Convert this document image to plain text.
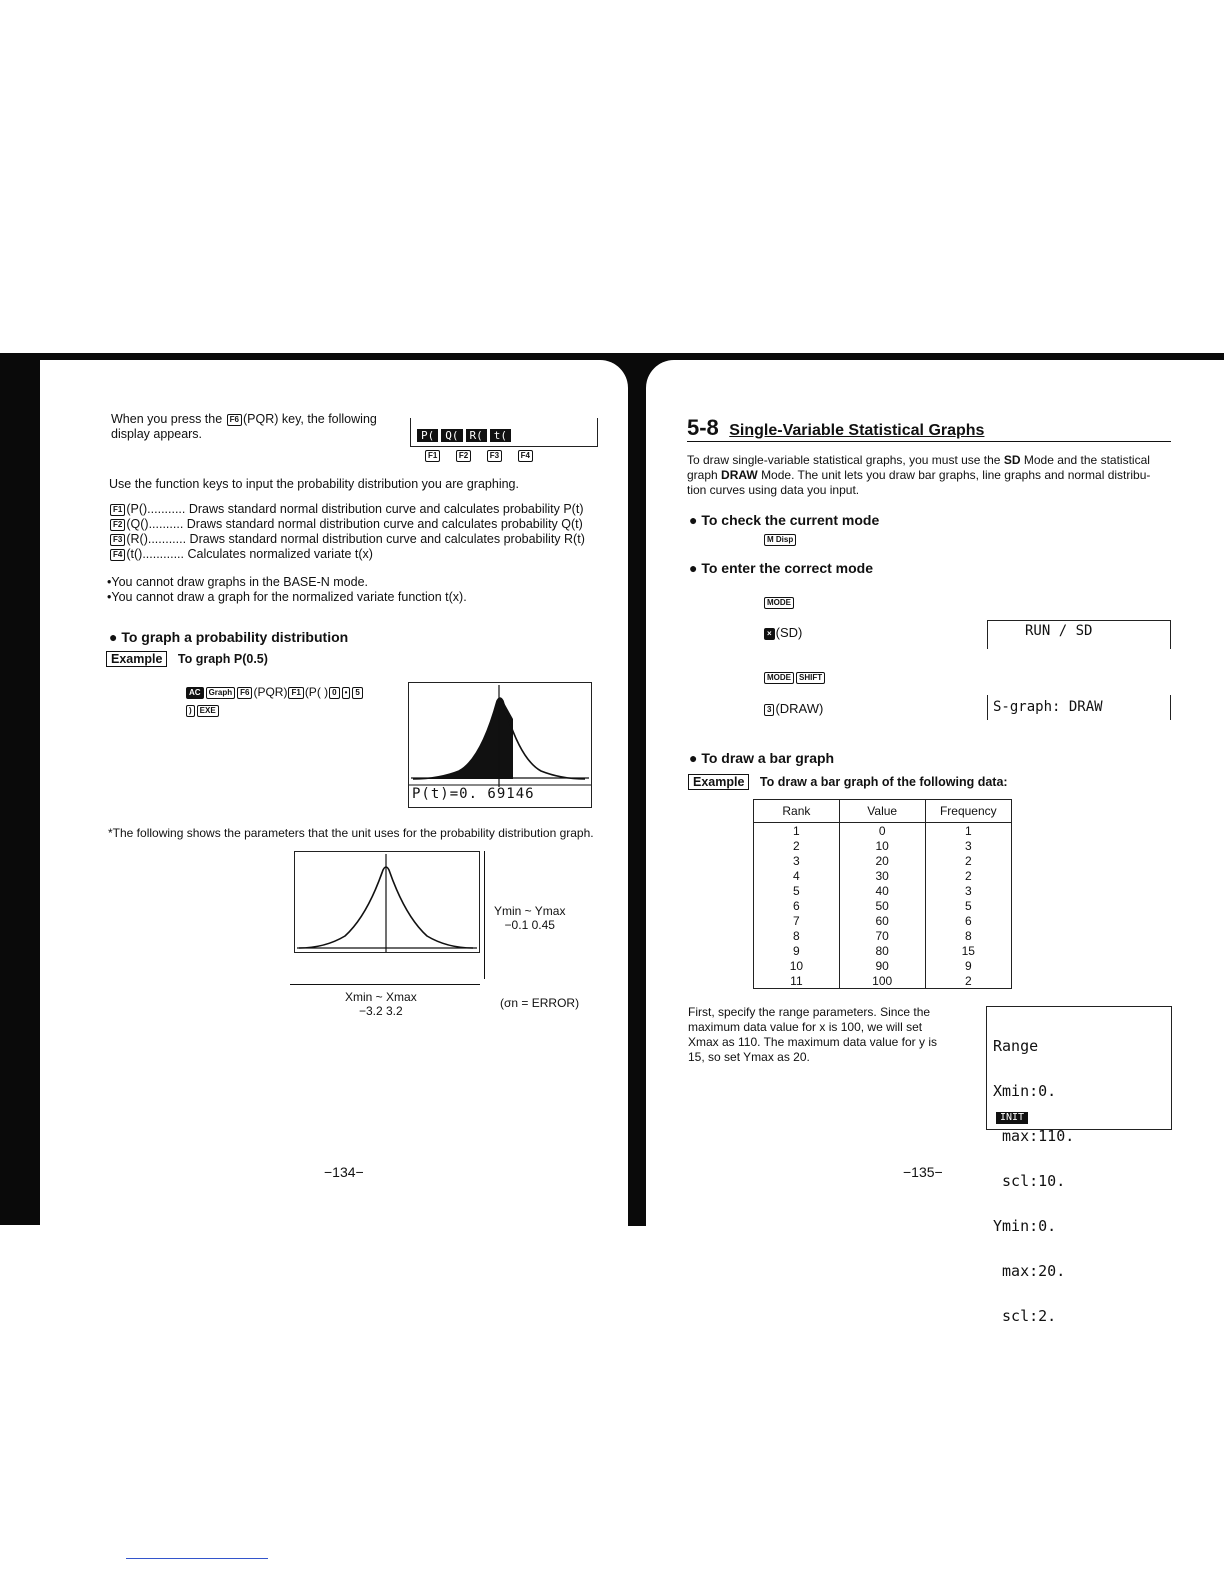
When you press the F6 (PQR) key, the following
display appears.	P( Q( R( t(
F1	F2	F3	F4
Use the function keys to input the probability distribution you are graphing.
F1 (P()........... Draws standard normal distribution curve and calculates probability P(t)
F2 (Q().......... Draws standard normal distribution curve and calculates probability Q(t)
F3 (R()........... Draws standard normal distribution curve and calculates probability R(t)
F4 (t()............ Calculates normalized variate t(x)
•You cannot draw graphs in the BASE-N mode.
•You cannot draw a graph for the normalized variate function t(x).
● To graph a probability distribution
Example To graph P(0.5)
AC Graph F6 (PQR) F1 (P( ) 0 • 5
) EXE
P(t)=0. 69146
*The following shows the parameters that the unit uses for the probability distribution graph.
Ymin ~ Ymax
−0.1 0.45
Xmin ~ Xmax
−3.2 3.2
(σn = ERROR)
−134−
5-8 Single-Variable Statistical Graphs
To draw single-variable statistical graphs, you must use the SD Mode and the statistical graph DRAW Mode. The unit lets you draw bar graphs, line graphs and normal distribu- tion curves using data you input.
● To check the current mode
M Disp
● To enter the correct mode
MODE
× (SD)	RUN / SD
MODE SHIFT
3 (DRAW)	S-graph: DRAW
● To draw a bar graph
Example To draw a bar graph of the following data:
Rank	Value	Frequency
1	0	1
2	10	3
3	20	2
4	30	2
5	40	3
6	50	5
7	60	6
8	70	8
9	80	15
10	90	9
11	100	2
First, specify the range parameters. Since the
maximum data value for x is 100, we will set
Xmax as 110. The maximum data value for y is
15, so set Ymax as 20.

Range

Xmin:0.

max:110.

scl:10.

Ymin:0.

max:20.

scl:2.

INIT
−135−
